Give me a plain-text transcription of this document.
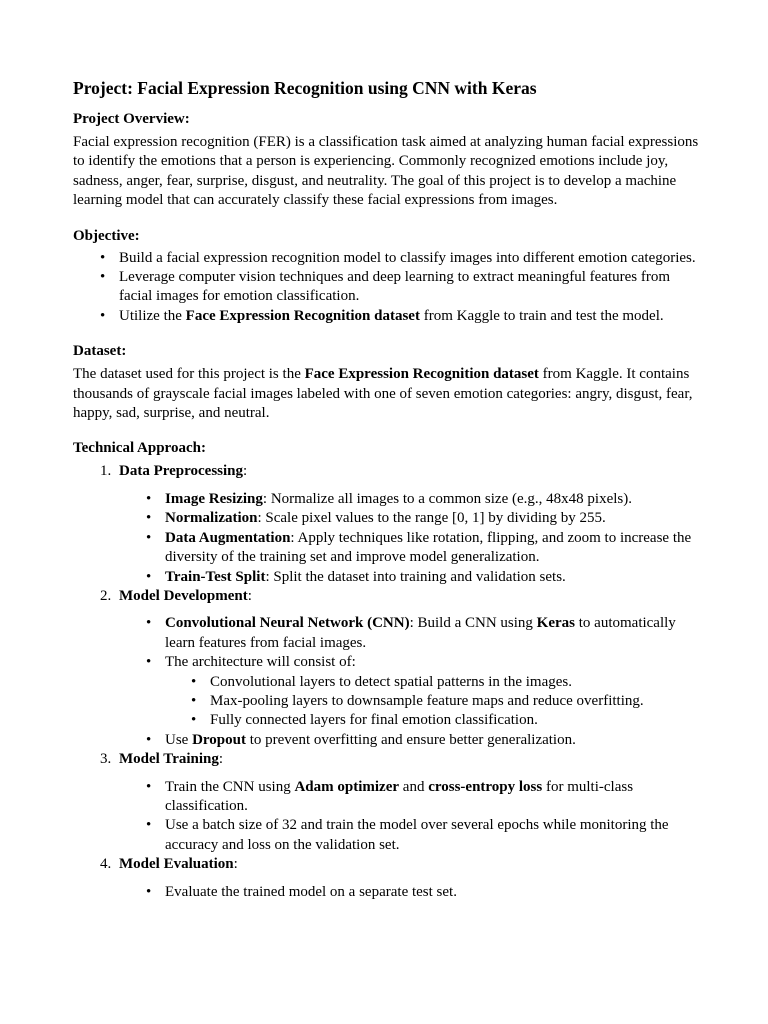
Project: Facial Expression Recognition using CNN with Keras
Project Overview:

Facial expression recognition (FER) is a classification task aimed at analyzing human facial expressions to identify the emotions that a person is experiencing. Commonly recognized emotions include joy, sadness, anger, fear, surprise, disgust, and neutrality. The goal of this project is to develop a machine learning model that can accurately classify these facial expressions from images.

Objective:
• Build a facial expression recognition model to classify images into different emotion categories.
• Leverage computer vision techniques and deep learning to extract meaningful features from facial images for emotion classification.
• Utilize the Face Expression Recognition dataset from Kaggle to train and test the model.
Dataset:

The dataset used for this project is the Face Expression Recognition dataset from Kaggle. It contains thousands of grayscale facial images labeled with one of seven emotion categories: angry, disgust, fear, happy, sad, surprise, and neutral.

Technical Approach:
1. Data Preprocessing:
• Image Resizing: Normalize all images to a common size (e.g., 48x48 pixels).
• Normalization: Scale pixel values to the range [0, 1] by dividing by 255.
• Data Augmentation: Apply techniques like rotation, flipping, and zoom to increase the diversity of the training set and improve model generalization.
• Train-Test Split: Split the dataset into training and validation sets.
2. Model Development:
• Convolutional Neural Network (CNN): Build a CNN using Keras to automatically learn features from facial images.
• The architecture will consist of:
• Convolutional layers to detect spatial patterns in the images.
• Max-pooling layers to downsample feature maps and reduce overfitting.
• Fully connected layers for final emotion classification.
• Use Dropout to prevent overfitting and ensure better generalization.
3. Model Training:
• Train the CNN using Adam optimizer and cross-entropy loss for multi-class classification.
• Use a batch size of 32 and train the model over several epochs while monitoring the accuracy and loss on the validation set.
4. Model Evaluation:
• Evaluate the trained model on a separate test set.
